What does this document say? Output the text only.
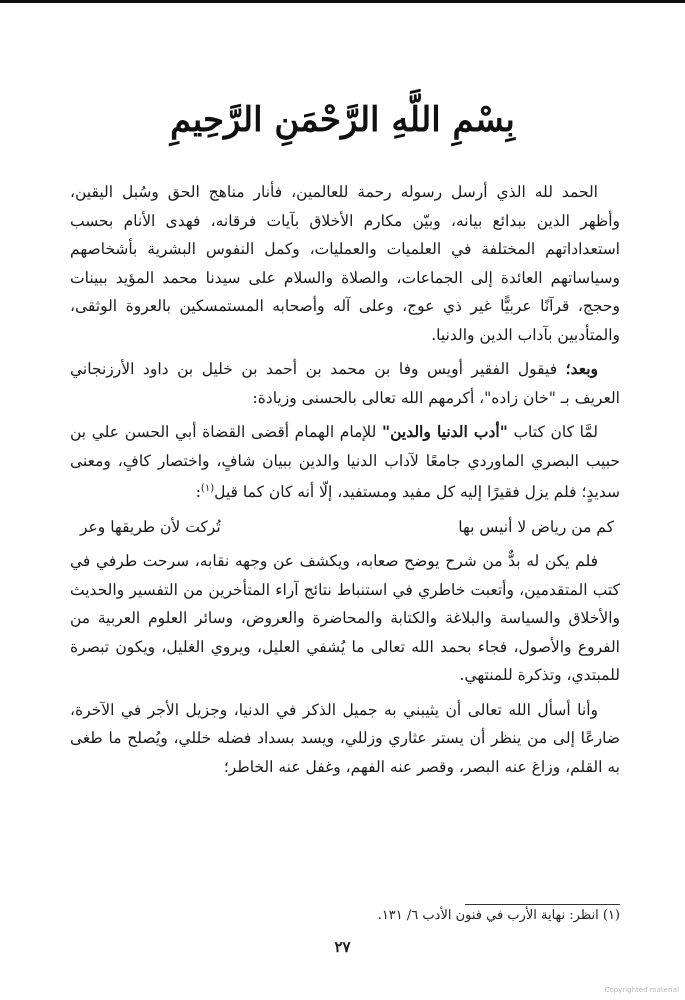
بِسْمِ اللَّهِ الرَّحْمَنِ الرَّحِيمِ

الحمد لله الذي أرسل رسوله رحمة للعالمين، فأنار مناهج الحق وسُبل اليقين، وأظهر الدين ببدائع بيانه، وبيّن مكارم الأخلاق بآيات فرقانه، فهدى الأنام بحسب استعداداتهم المختلفة في العلميات والعمليات، وكمل النفوس البشرية بأشخاصهم وسياساتهم العائدة إلى الجماعات، والصلاة والسلام على سيدنا محمد المؤيد ببينات وحجج، قرآنًا عربيًّا غير ذي عوج، وعلى آله وأصحابه المستمسكين بالعروة الوثقى، والمتأدبين بآداب الدين والدنيا.

وبعد؛ فيقول الفقير أويس وفا بن محمد بن أحمد بن خليل بن داود الأرزنجاني العريف بـ "خان زاده"، أكرمهم الله تعالى بالحسنى وزيادة:

لمَّا كان كتاب "أدب الدنيا والدين" للإمام الهمام أقضى القضاة أبي الحسن علي بن حبيب البصري الماوردي جامعًا لآداب الدنيا والدين ببيان شافٍ، واختصار كافٍ، ومعنى سديدٍ؛ فلم يزل فقيرًا إليه كل مفيد ومستفيد، إلّا أنه كان كما قيل$^{(١)}$:

كم من رياض لا أنيس بها
تُركت لأن طريقها وعر

فلم يكن له بدٌّ من شرح يوضح صعابه، ويكشف عن وجهه نقابه، سرحت طرفي في كتب المتقدمين، وأتعبت خاطري في استنباط نتائج آراء المتأخرين من التفسير والحديث والأخلاق والسياسة والبلاغة والكتابة والمحاضرة والعروض، وسائر العلوم العربية من الفروع والأصول، فجاء بحمد الله تعالى ما يُشفي العليل، ويروي الغليل، ويكون تبصرة للمبتدي، وتذكرة للمنتهي.

وأنا أسأل الله تعالى أن يثيبني به جميل الذكر في الدنيا، وجزيل الأجر في الآخرة، ضارعًا إلى من ينظر أن يستر عثاري وزللي، ويسد بسداد فضله خللي، ويُصلح ما طغى به القلم، وزاغ عنه البصر، وقصر عنه الفهم، وغفل عنه الخاطر؛

(١) انظر: نهاية الأرب في فنون الأدب ٦/ ١٣١.
٢٧
Copyrighted material
